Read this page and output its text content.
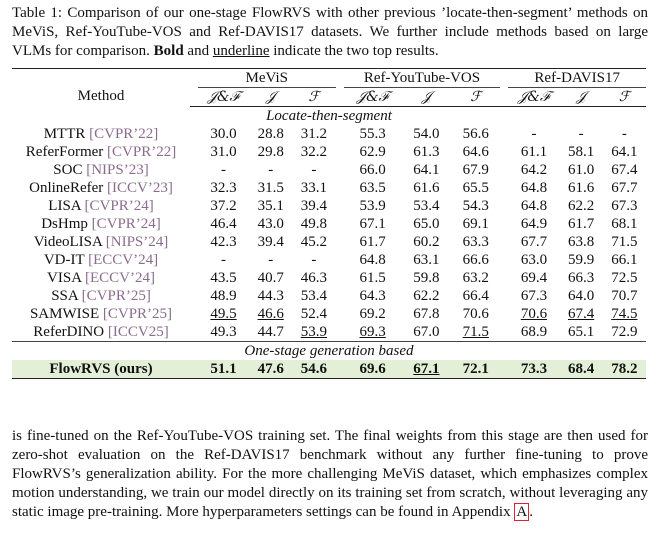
Table 1: Comparison of our one-stage FlowRVS with other previous ’locate-then-segment’ methods on MeViS, Ref-YouTube-VOS and Ref-DAVIS17 datasets. We further include methods based on large VLMs for comparison. Bold and underline indicate the two top results.
Method		MeViS				Ref-YouTube-VOS				Ref-DAVIS17		
		𝒥&ℱ	𝒥	ℱ		𝒥&ℱ	𝒥	ℱ		𝒥&ℱ	𝒥	ℱ
Locate-then-segment												
MTTR [CVPR’22]		30.0	28.8	31.2		55.3	54.0	56.6		-	-	-
ReferFormer [CVPR’22]		31.0	29.8	32.2		62.9	61.3	64.6		61.1	58.1	64.1
SOC [NIPS’23]		-	-	-		66.0	64.1	67.9		64.2	61.0	67.4
OnlineRefer [ICCV’23]		32.3	31.5	33.1		63.5	61.6	65.5		64.8	61.6	67.7
LISA [CVPR’24]		37.2	35.1	39.4		53.9	53.4	54.3		64.8	62.2	67.3
DsHmp [CVPR’24]		46.4	43.0	49.8		67.1	65.0	69.1		64.9	61.7	68.1
VideoLISA [NIPS’24]		42.3	39.4	45.2		61.7	60.2	63.3		67.7	63.8	71.5
VD-IT [ECCV’24]		-	-	-		64.8	63.1	66.6		63.0	59.9	66.1
VISA [ECCV’24]		43.5	40.7	46.3		61.5	59.8	63.2		69.4	66.3	72.5
SSA [CVPR’25]		48.9	44.3	53.4		64.3	62.2	66.4		67.3	64.0	70.7
SAMWISE [CVPR’25]		49.5	46.6	52.4		69.2	67.8	70.6		70.6	67.4	74.5
ReferDINO [ICCV25]		49.3	44.7	53.9		69.3	67.0	71.5		68.9	65.1	72.9
One-stage generation based												
FlowRVS (ours)		51.1	47.6	54.6		69.6	67.1	72.1		73.3	68.4	78.2
is fine-tuned on the Ref-YouTube-VOS training set. The final weights from this stage are then used for zero-shot evaluation on the Ref-DAVIS17 benchmark without any further fine-tuning to prove FlowRVS’s generalization ability. For the more challenging MeViS dataset, which emphasizes complex motion understanding, we train our model directly on its training set from scratch, without leveraging any static image pre-training. More hyperparameters settings can be found in Appendix A .
